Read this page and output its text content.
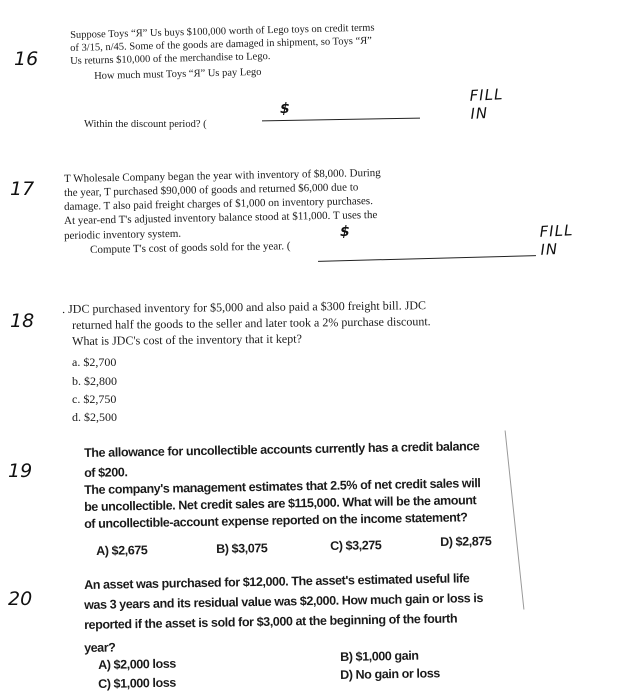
16
Suppose Toys “Я” Us buys $100,000 worth of Lego toys on credit terms
of 3/15, n/45. Some of the goods are damaged in shipment, so Toys “Я”
Us returns $10,000 of the merchandise to Lego.
How much must Toys “Я” Us pay Lego
Within the discount period? (
$
FILL IN
17
T Wholesale Company began the year with inventory of $8,000. During
the year, T purchased $90,000 of goods and returned $6,000 due to
damage. T also paid freight charges of $1,000 on inventory purchases.
At year-end T's adjusted inventory balance stood at $11,000. T uses the
periodic inventory system.
Compute T's cost of goods sold for the year. (
$	FILL IN
18
. JDC purchased inventory for $5,000 and also paid a $300 freight bill. JDC
returned half the goods to the seller and later took a 2% purchase discount.
What is JDC's cost of the inventory that it kept?
a. $2,700
b. $2,800
c. $2,750
d. $2,500
19
The allowance for uncollectible accounts currently has a credit balance
of $200.
The company's management estimates that 2.5% of net credit sales will
be uncollectible. Net credit sales are $115,000. What will be the amount
of uncollectible-account expense reported on the income statement?
A) $2,675	B) $3,075	C) $3,275	D) $2,875
20
An asset was purchased for $12,000. The asset's estimated useful life
was 3 years and its residual value was $2,000. How much gain or loss is
reported if the asset is sold for $3,000 at the beginning of the fourth
year?
A) $2,000 loss
B) $1,000 gain
C) $1,000 loss
D) No gain or loss
